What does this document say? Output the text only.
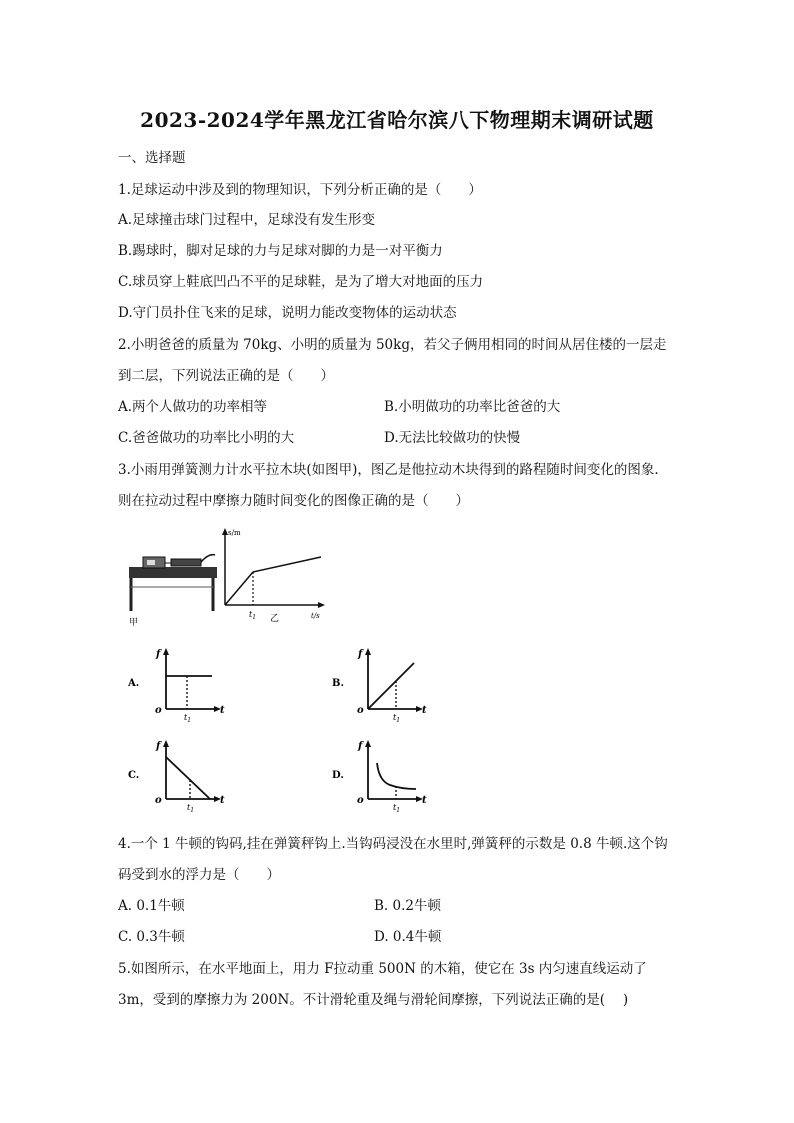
2023-2024学年黑龙江省哈尔滨八下物理期末调研试题
一、选择题
1.足球运动中涉及到的物理知识，下列分析正确的是（　　）
A.足球撞击球门过程中，足球没有发生形变
B.踢球时，脚对足球的力与足球对脚的力是一对平衡力
C.球员穿上鞋底凹凸不平的足球鞋，是为了增大对地面的压力
D.守门员扑住飞来的足球，说明力能改变物体的运动状态
2.小明爸爸的质量为 70kg、小明的质量为 50kg，若父子俩用相同的时间从居住楼的一层走
到二层，下列说法正确的是（　　）
A.两个人做功的功率相等	B.小明做功的功率比爸爸的大
C.爸爸做功的功率比小明的大	D.无法比较做功的快慢
3.小雨用弹簧测力计水平拉木块(如图甲)，图乙是他拉动木块得到的路程随时间变化的图象.
则在拉动过程中摩擦力随时间变化的图像正确的是（　　）
甲
s/m
$t_1$ 乙	t/s
A.
f
t
o
$t_1$
B.
f
t
o
$t_1$
C.
f
t
o
$t_1$
D.
f
t
o
$t_1$
4.一个 1 牛顿的钩码,挂在弹簧秤钩上.当钩码浸没在水里时,弹簧秤的示数是 0.8 牛顿.这个钩
码受到水的浮力是（　　）
A. 0.1牛顿	B. 0.2牛顿
C. 0.3牛顿	D. 0.4牛顿
5.如图所示，在水平地面上，用力 F拉动重 500N 的木箱，使它在 3s 内匀速直线运动了
3m，受到的摩擦力为 200N。不计滑轮重及绳与滑轮间摩擦，下列说法正确的是(　 )
